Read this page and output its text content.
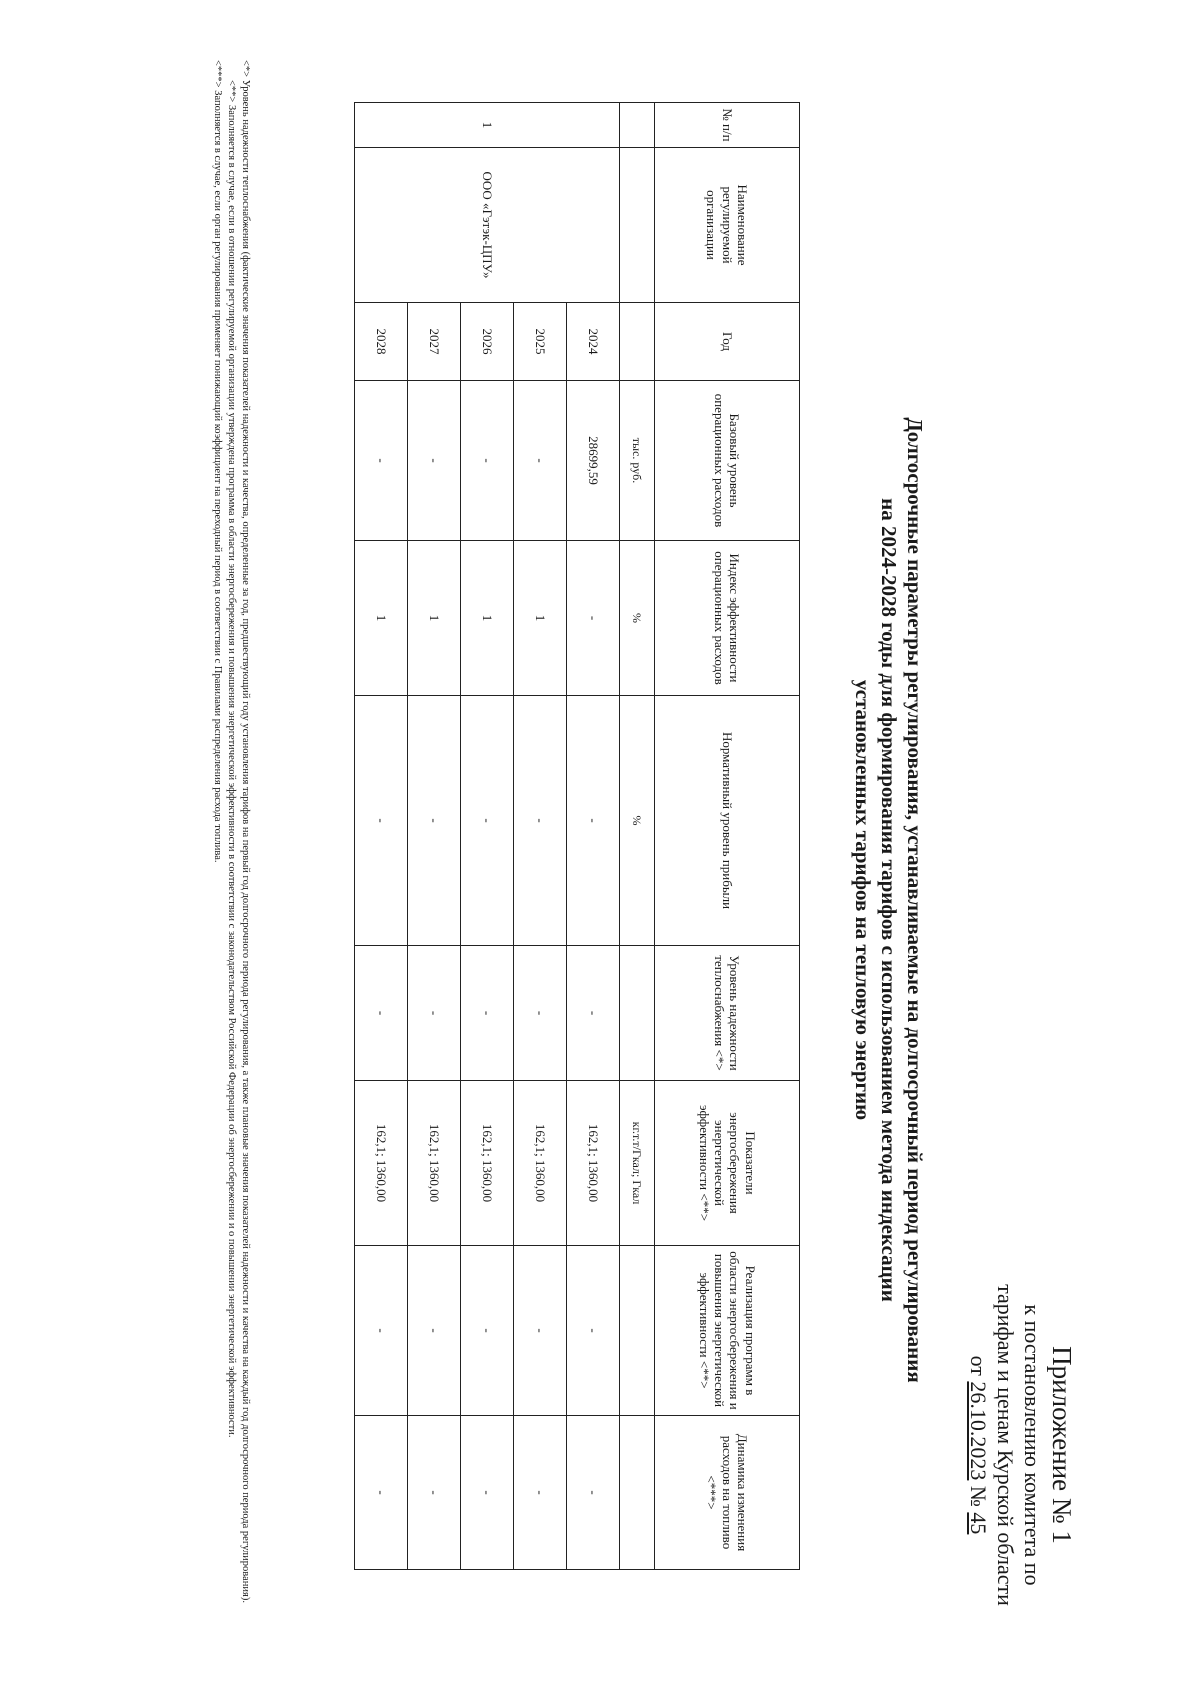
Приложение № 1
к постановлению комитета по
тарифам и ценам Курской области
от 26.10.2023 № 45
Долгосрочные параметры регулирования, устанавливаемые на долгосрочный период регулирования
на 2024-2028 годы для формирования тарифов с использованием метода индексации
установленных тарифов на тепловую энергию
№ п/п	Наименование регулируемой организации	Год	Базовый уровень операционных расходов	Индекс эффективности операционных расходов	Нормативный уровень прибыли	Уровень надежности теплоснабжения <*>	Показатели энергосбережения энергетической эффективности <**>	Реализация программ в области энергосбережения и повышения энергетической эффективности <**>	Динамика изменения расходов на топливо <***>
			тыс. руб.	%	%		кг.т.т/Гкал; Гкал		
1	ООО «Гэтэк-ЦПУ»	2024	28699,59	-	-	-	162,1; 1360,00	-	-
		2025	-	1	-	-	162,1; 1360,00	-	-
		2026	-	1	-	-	162,1; 1360,00	-	-
		2027	-	1	-	-	162,1; 1360,00	-	-
		2028	-	1	-	-	162,1; 1360,00	-	-

<*> Уровень надежности теплоснабжения (фактические значения показателей надежности и качества, определенные за год, предшествующий году установления тарифов на первый год долгосрочного периода регулирования, а также плановые значения показателей надежности и качества на каждый год долгосрочного периода регулирования).

<**> Заполняется в случае, если в отношении регулируемой организации утверждена программа в области энергосбережения и повышения энергетической эффективности в соответствии с законодательством Российской Федерации об энергосбережении и о повышении энергетической эффективности.

<***> Заполняется в случае, если орган регулирования применяет понижающий коэффициент на переходный период в соответствии с Правилами распределения расхода топлива.
